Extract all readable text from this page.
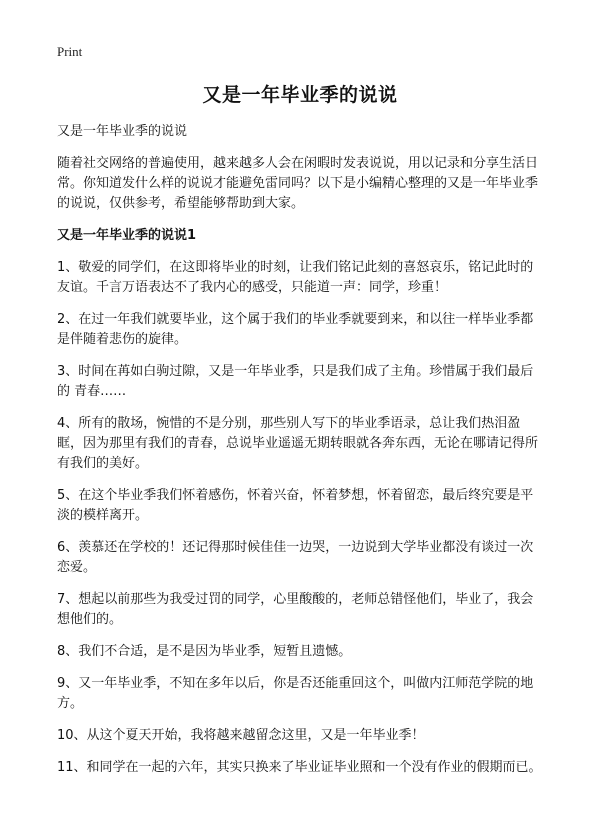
Print
又是一年毕业季的说说

又是一年毕业季的说说

随着社交网络的普遍使用，越来越多人会在闲暇时发表说说，用以记录和分享生活日常。你知道发什么样的说说才能避免雷同吗？以下是小编精心整理的又是一年毕业季的说说，仅供参考，希望能够帮助到大家。

又是一年毕业季的说说1

1、敬爱的同学们，在这即将毕业的时刻，让我们铭记此刻的喜怒哀乐，铭记此时的友谊。千言万语表达不了我内心的感受，只能道一声：同学，珍重！
2、在过一年我们就要毕业，这个属于我们的毕业季就要到来，和以往一样毕业季都是伴随着悲伤的旋律。
3、时间在苒如白驹过隙，又是一年毕业季，只是我们成了主角。珍惜属于我们最后的 青春……
4、所有的散场，惋惜的不是分别，那些别人写下的毕业季语录，总让我们热泪盈眶，因为那里有我们的青春，总说毕业遥遥无期转眼就各奔东西，无论在哪请记得所有我们的美好。
5、在这个毕业季我们怀着感伤，怀着兴奋，怀着梦想，怀着留恋，最后终究要是平淡的模样离开。
6、羡慕还在学校的！还记得那时候佳佳一边哭，一边说到大学毕业都没有谈过一次恋爱。
7、想起以前那些为我受过罚的同学，心里酸酸的，老师总错怪他们，毕业了，我会想他们的。
8、我们不合适，是不是因为毕业季，短暂且遗憾。
9、又一年毕业季，不知在多年以后，你是否还能重回这个，叫做内江师范学院的地方。
10、从这个夏天开始，我将越来越留念这里，又是一年毕业季！
11、和同学在一起的六年，其实只换来了毕业证毕业照和一个没有作业的假期而已。
